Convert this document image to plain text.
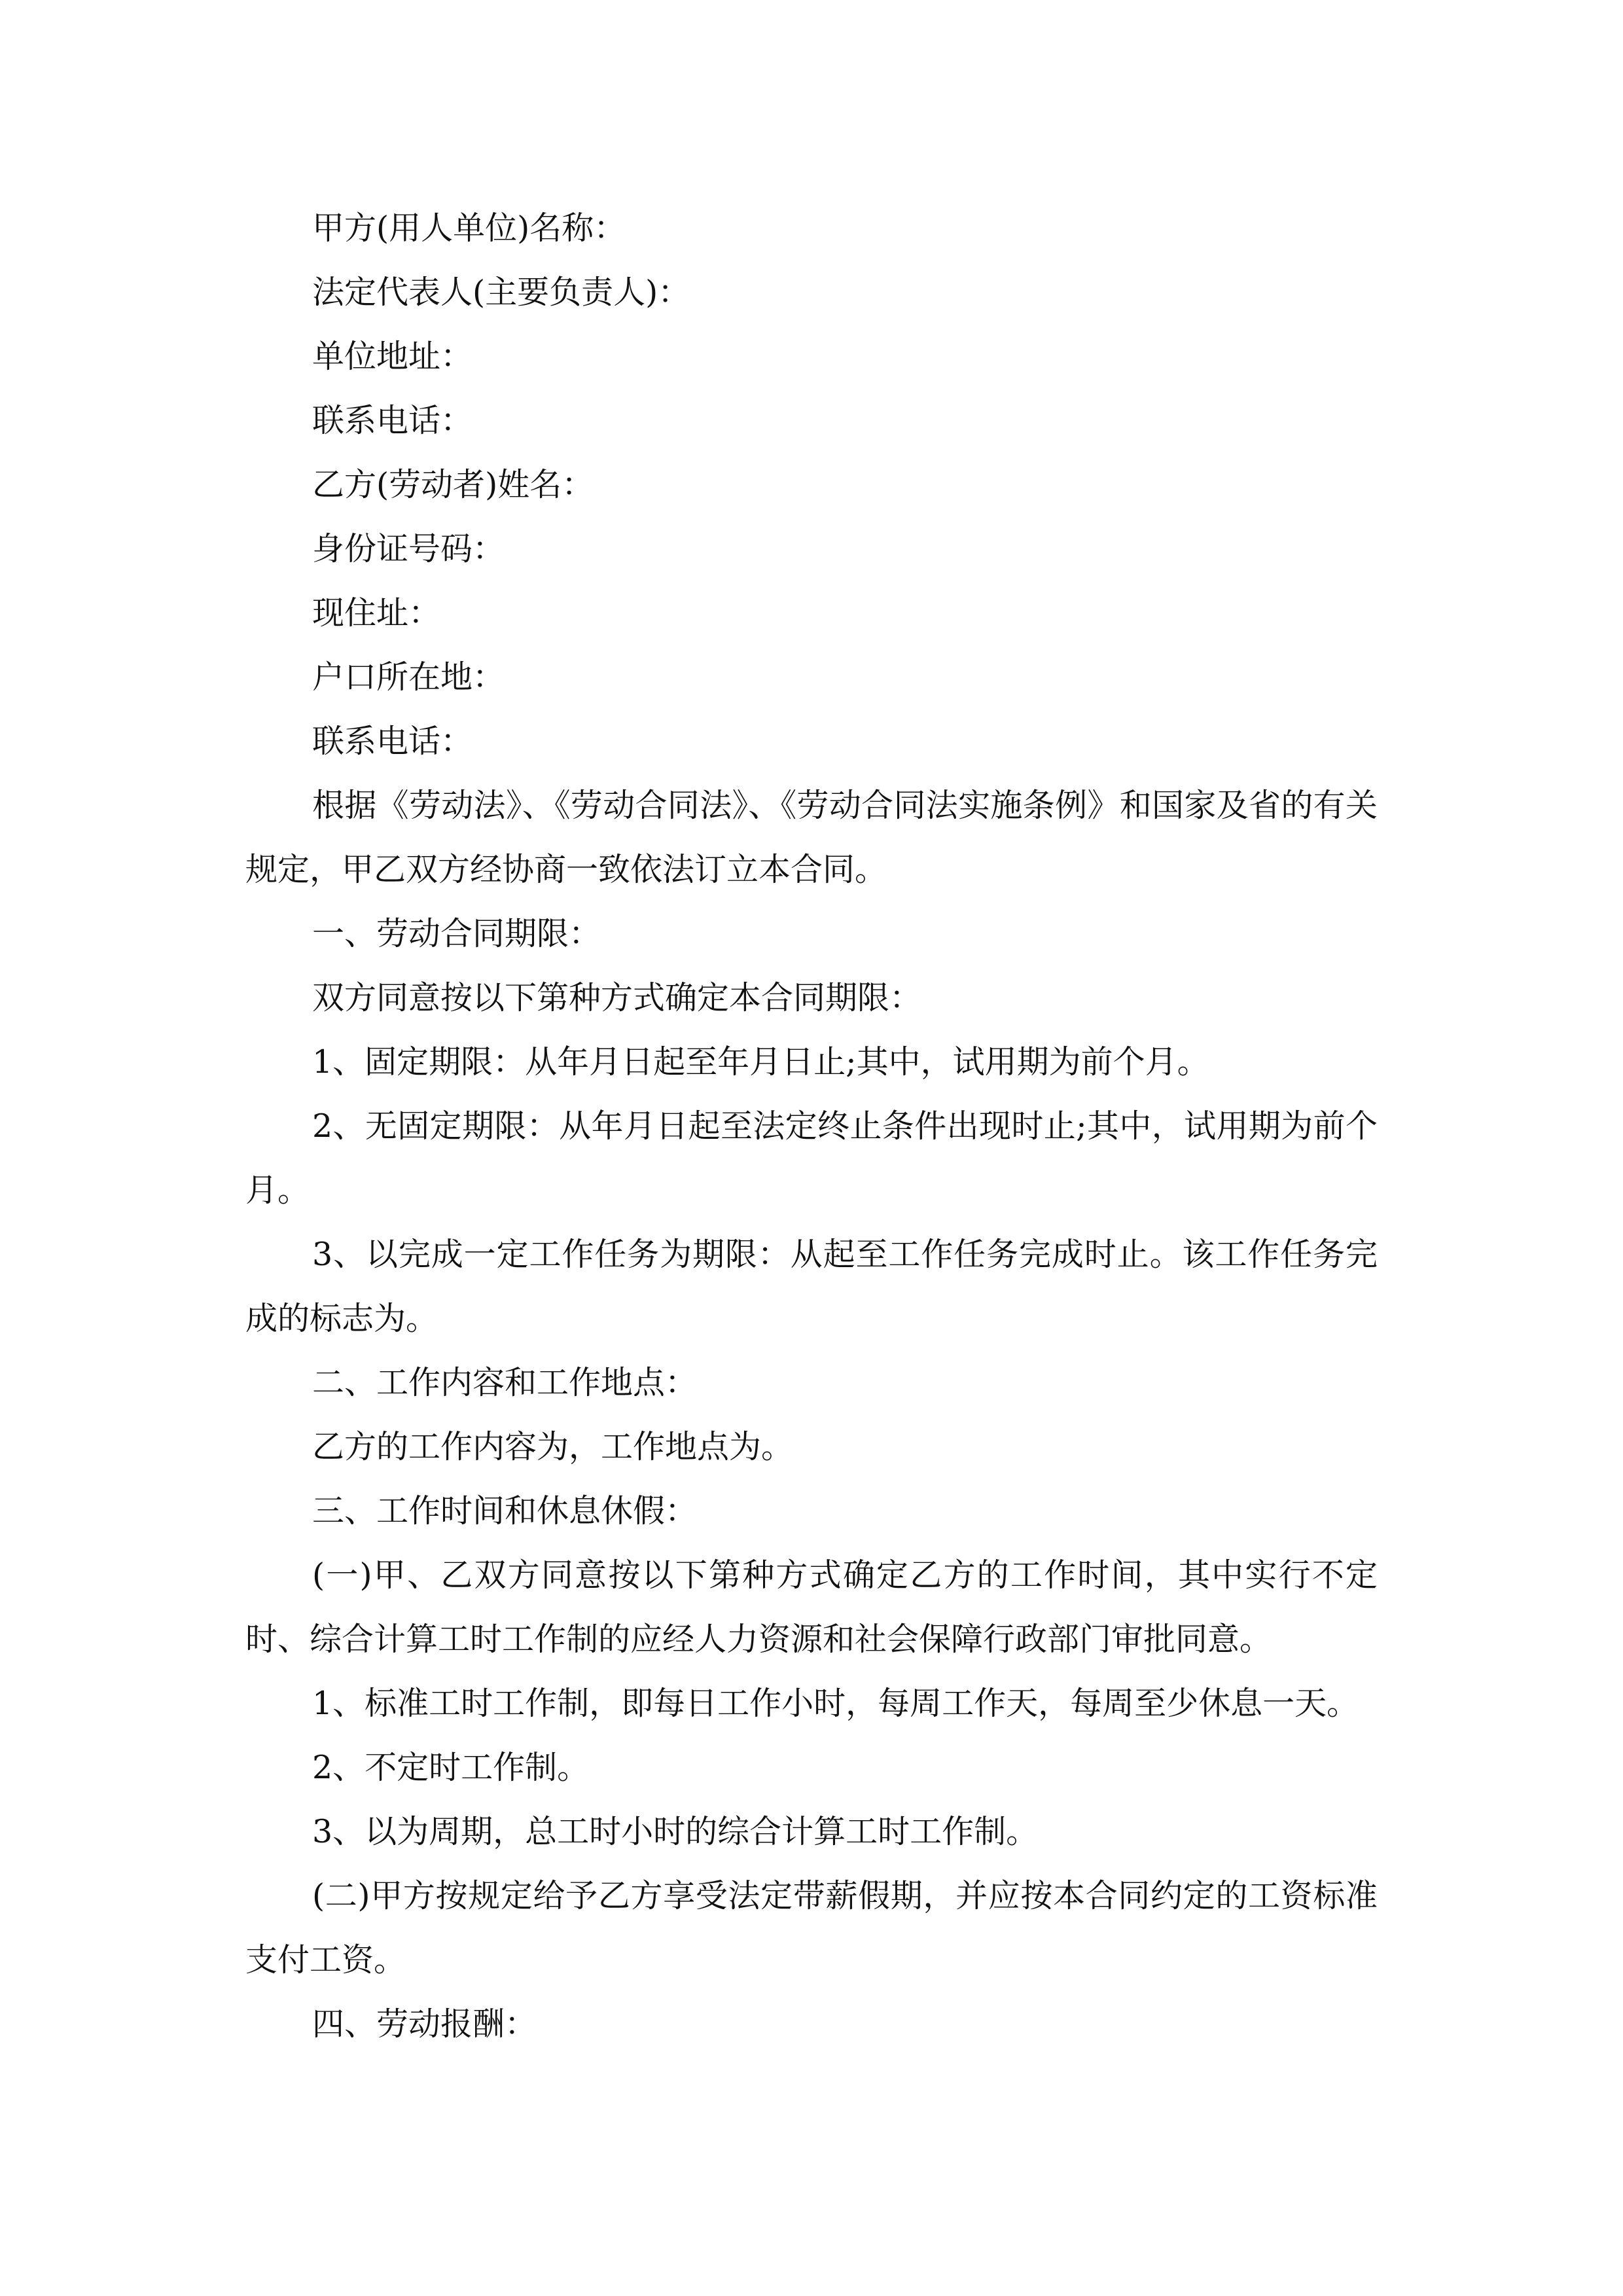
甲方(用人单位)名称：

法定代表人(主要负责人)：

单位地址：

联系电话：

乙方(劳动者)姓名：

身份证号码：

现住址：

户口所在地：

联系电话：

根据《劳动法》、《劳动合同法》、《劳动合同法实施条例》和国家及省的有关规定，甲乙双方经协商一致依法订立本合同。

一、劳动合同期限：

双方同意按以下第种方式确定本合同期限：

1、固定期限：从年月日起至年月日止;其中，试用期为前个月。

2、无固定期限：从年月日起至法定终止条件出现时止;其中，试用期为前个月。

3、以完成一定工作任务为期限：从起至工作任务完成时止。该工作任务完成的标志为。

二、工作内容和工作地点：

乙方的工作内容为，工作地点为。

三、工作时间和休息休假：

(一)甲、乙双方同意按以下第种方式确定乙方的工作时间，其中实行不定时、综合计算工时工作制的应经人力资源和社会保障行政部门审批同意。

1、标准工时工作制，即每日工作小时，每周工作天，每周至少休息一天。

2、不定时工作制。

3、以为周期，总工时小时的综合计算工时工作制。

(二)甲方按规定给予乙方享受法定带薪假期，并应按本合同约定的工资标准支付工资。

四、劳动报酬：
